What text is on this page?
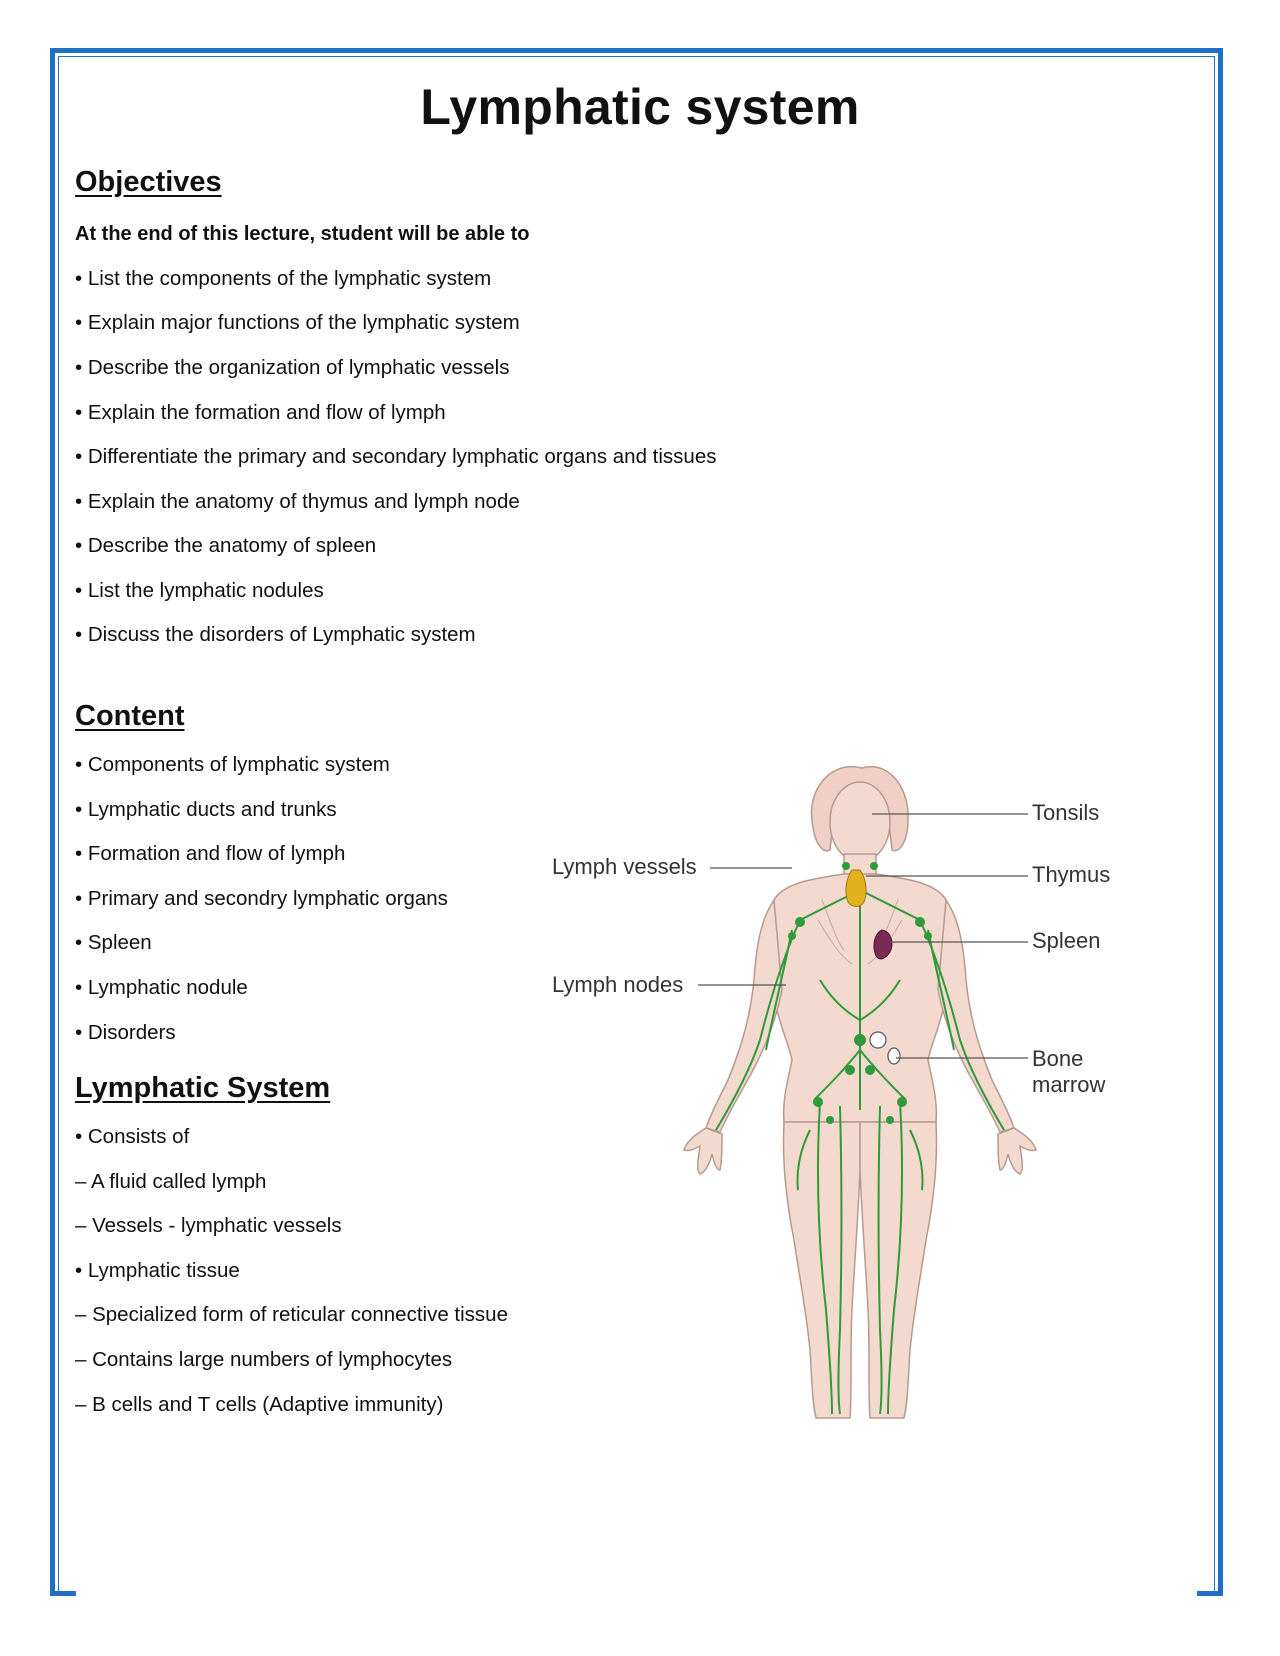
Lymphatic system

Objectives

At the end of this lecture, student will be able to

• List the components of the lymphatic system

• Explain major functions of the lymphatic system

• Describe the organization of lymphatic vessels

• Explain the formation and flow of lymph

• Differentiate the primary and secondary lymphatic organs and tissues

• Explain the anatomy of thymus and lymph node

• Describe the anatomy of spleen

• List the lymphatic nodules

• Discuss the disorders of Lymphatic system

Content

• Components of lymphatic system

• Lymphatic ducts and trunks

• Formation and flow of lymph

• Primary and secondry lymphatic organs

• Spleen

• Lymphatic nodule

• Disorders

Lymphatic System

• Consists of

– A fluid called lymph

– Vessels - lymphatic vessels

• Lymphatic tissue

– Specialized form of reticular connective tissue

– Contains large numbers of lymphocytes

– B cells and T cells (Adaptive immunity)

Tonsils
Thymus
Spleen
Bone
marrow
Lymph vessels
Lymph nodes
